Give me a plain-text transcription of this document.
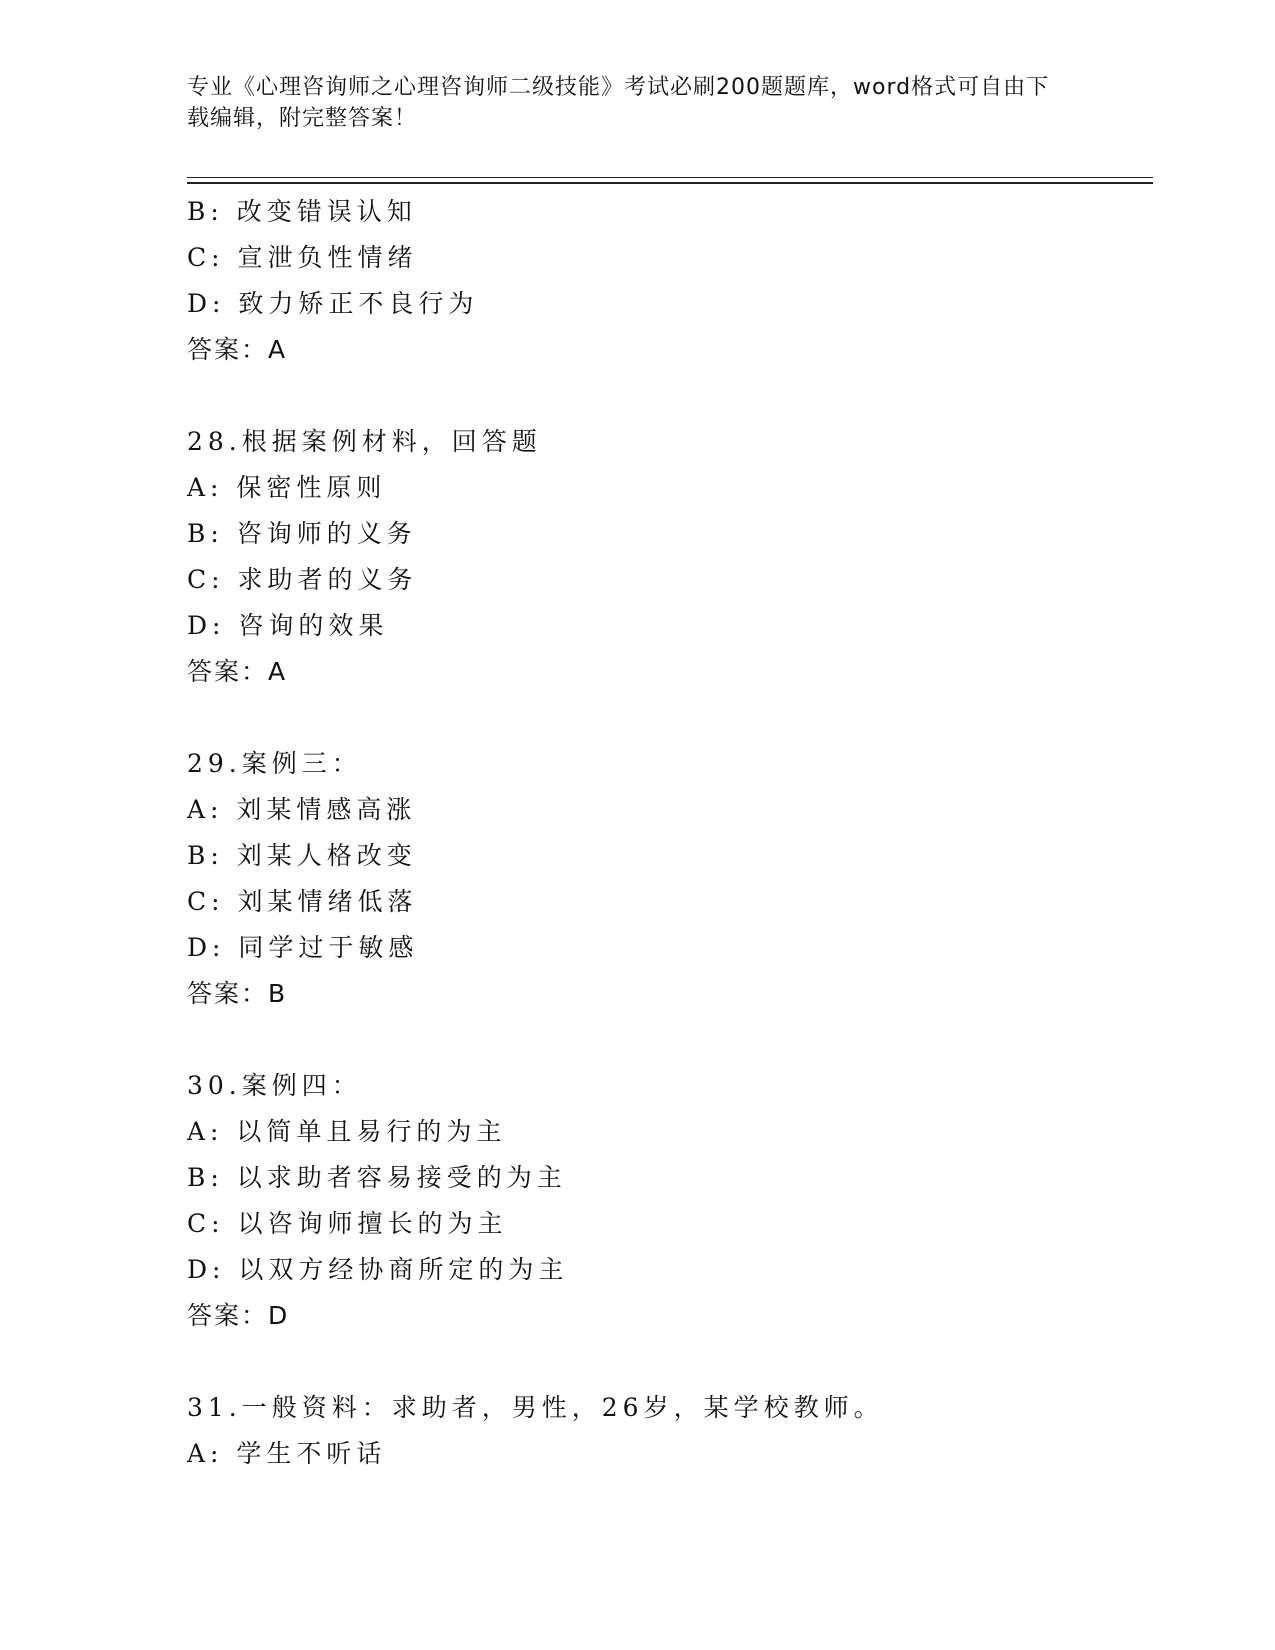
专业《心理咨询师之心理咨询师二级技能》考试必刷200题题库，word格式可自由下载编辑，附完整答案！
B: 改变错误认知
C: 宣泄负性情绪
D: 致力矫正不良行为
答案：A
28.根据案例材料，回答题
A: 保密性原则
B: 咨询师的义务
C: 求助者的义务
D: 咨询的效果
答案：A
29.案例三：
A: 刘某情感高涨
B: 刘某人格改变
C: 刘某情绪低落
D: 同学过于敏感
答案：B
30.案例四：
A: 以简单且易行的为主
B: 以求助者容易接受的为主
C: 以咨询师擅长的为主
D: 以双方经协商所定的为主
答案：D
31.一般资料：求助者，男性，26岁，某学校教师。
A: 学生不听话
